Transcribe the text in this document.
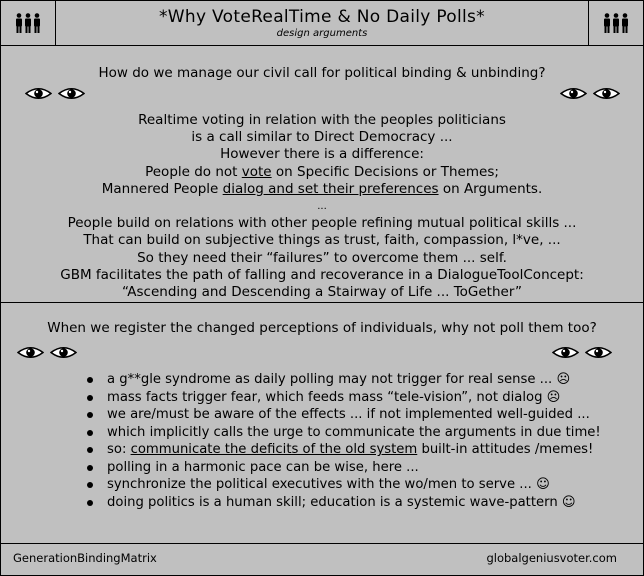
*Why VoteRealTime & No Daily Polls*
design arguments
How do we manage our civil call for political binding & unbinding?
Realtime voting in relation with the peoples politicians
is a call similar to Direct Democracy ...
However there is a difference:
People do not vote on Specific Decisions or Themes;
Mannered People dialog and set their preferences on Arguments.
...
People build on relations with other people refining mutual political skills ...
That can build on subjective things as trust, faith, compassion, l*ve, ...
So they need their “failures” to overcome them ... self.
GBM facilitates the path of falling and recoverance in a DialogueToolConcept:
“Ascending and Descending a Stairway of Life ... ToGether”
When we register the changed perceptions of individuals, why not poll them too?
a g**gle syndrome as daily polling may not trigger for real sense ... ☹
mass facts trigger fear, which feeds mass “tele-vision”, not dialog ☹
we are/must be aware of the effects ... if not implemented well-guided ...
which implicitly calls the urge to communicate the arguments in due time!
so: communicate the deficits of the old system built-in attitudes /memes!
polling in a harmonic pace can be wise, here ...
synchronize the political executives with the wo/men to serve ... ☺
doing politics is a human skill; education is a systemic wave-pattern ☺
GenerationBindingMatrix	globalgeniusvoter.com
